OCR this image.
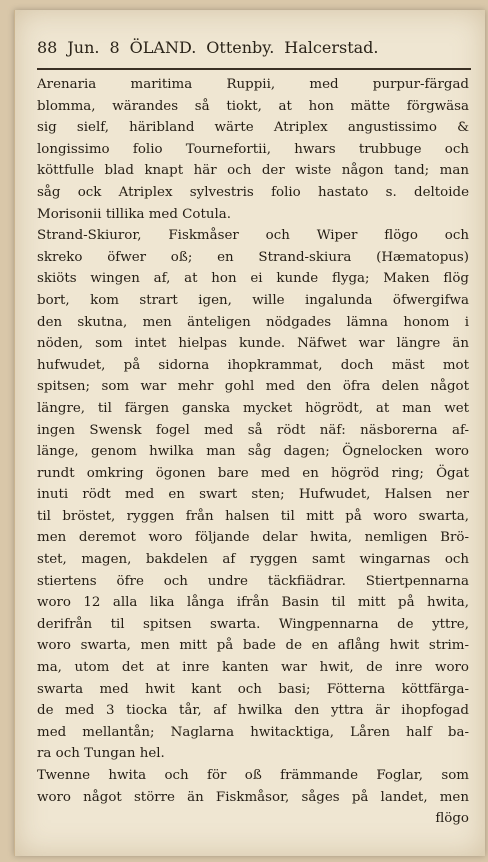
88 Jun. 8 ÖLAND. Ottenby. Halcerstad.
Arenaria maritima Ruppii, med purpur-färgad
blomma, wärandes så tiokt, at hon mätte förgwäsa
sig sielf, häribland wärte Atriplex angustissimo &
longissimo folio Tournefortii, hwars trubbuge och
köttfulle blad knapt här och der wiste någon tand; man
såg ock Atriplex sylvestris folio hastato s. deltoide
Morisonii tillika med Cotula.
Strand-Skiuror, Fiskmåser och Wiper flögo och
skreko öfwer oß; en Strand-skiura (Hæmatopus)
skiöts wingen af, at hon ei kunde flyga; Maken flög
bort, kom strart igen, wille ingalunda öfwergifwa
den skutna, men änteligen nödgades lämna honom i
nöden, som intet hielpas kunde. Näfwet war längre än
hufwudet, på sidorna ihopkrammat, doch mäst mot
spitsen; som war mehr gohl med den öfra delen något
längre, til färgen ganska mycket högrödt, at man wet
ingen Swensk fogel med så rödt näf: näsborerna af-
länge, genom hwilka man såg dagen; Ögnelocken woro
rundt omkring ögonen bare med en högröd ring; Ögat
inuti rödt med en swart sten; Hufwudet, Halsen ner
til bröstet, ryggen från halsen til mitt på woro swarta,
men deremot woro följande delar hwita, nemligen Brö-
stet, magen, bakdelen af ryggen samt wingarnas och
stiertens öfre och undre täckfiädrar. Stiertpennarna
woro 12 alla lika långa ifrån Basin til mitt på hwita,
derifrån til spitsen swarta. Wingpennarna de yttre,
woro swarta, men mitt på bade de en aflång hwit strim-
ma, utom det at inre kanten war hwit, de inre woro
swarta med hwit kant och basi; Fötterna köttfärga-
de med 3 tiocka tår, af hwilka den yttra är ihopfogad
med mellantån; Naglarna hwitacktiga, Låren half ba-
ra och Tungan hel.
Twenne hwita och för oß främmande Foglar, som
woro något större än Fiskmåsor, såges på landet, men
flögo
